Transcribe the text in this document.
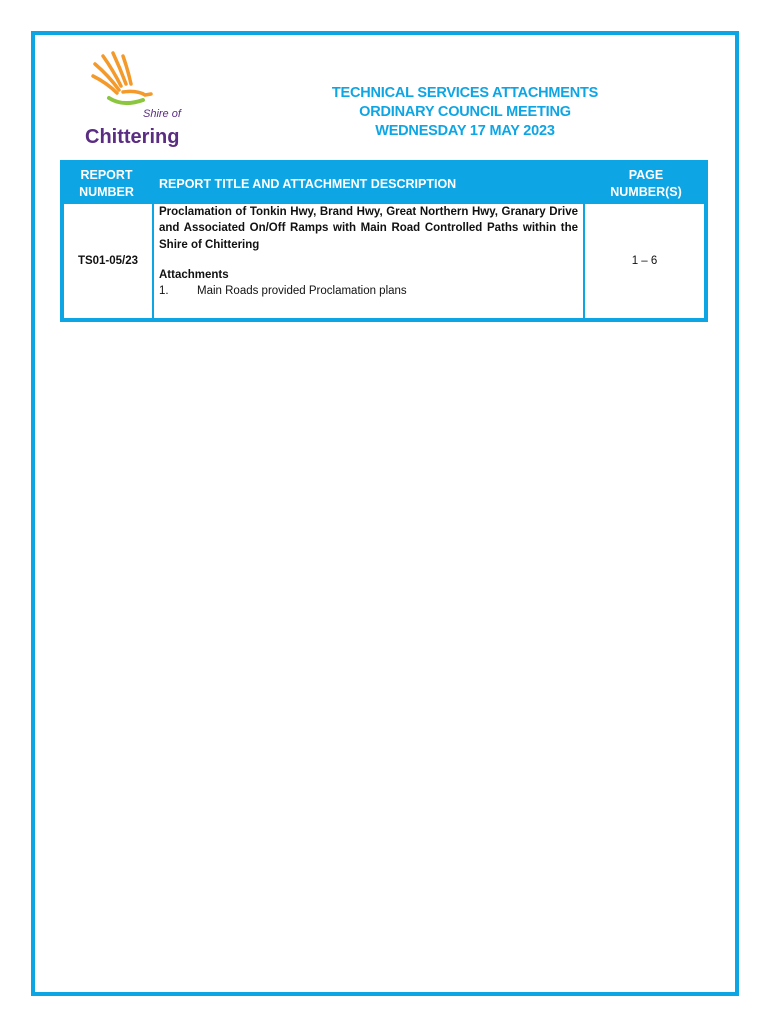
Shire of
Chittering
TECHNICAL SERVICES ATTACHMENTS
ORDINARY COUNCIL MEETING
WEDNESDAY 17 MAY 2023
REPORT
NUMBER
REPORT TITLE AND ATTACHMENT DESCRIPTION
PAGE
NUMBER(S)
TS01-05/23
Proclamation of Tonkin Hwy, Brand Hwy, Great Northern Hwy, Granary Drive and Associated On/Off Ramps with Main Road Controlled Paths within the Shire of Chittering
Attachments
1.	Main Roads provided Proclamation plans
1 – 6
